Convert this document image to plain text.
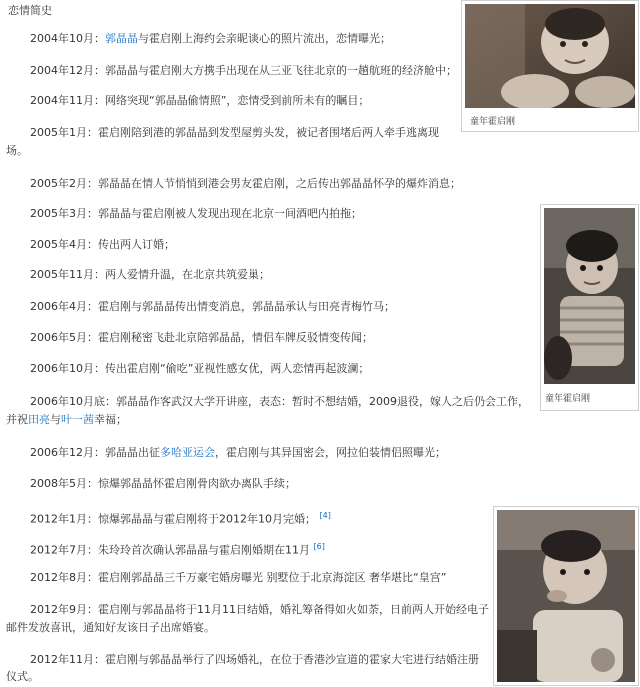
恋情简史
2004年10月：郭晶晶与霍启刚上海约会亲昵谈心的照片流出，恋情曝光；
2004年12月：郭晶晶与霍启刚大方携手出现在从三亚飞往北京的一趟航班的经济舱中；
2004年11月：网络突现“郭晶晶偷情照”，恋情受到前所未有的瞩目；
2005年1月：霍启刚陪到港的郭晶晶到发型屋剪头发，被记者围堵后两人牵手逃离现
场。
2005年2月：郭晶晶在情人节悄悄到港会男友霍启刚，之后传出郭晶晶怀孕的爆炸消息；
2005年3月：郭晶晶与霍启刚被人发现出现在北京一间酒吧内拍拖；
2005年4月：传出两人订婚；
2005年11月：两人爱情升温，在北京共筑爱巢；
2006年4月：霍启刚与郭晶晶传出情变消息，郭晶晶承认与田亮青梅竹马；
2006年5月：霍启刚秘密飞赴北京陪郭晶晶，情侣车牌反驳情变传闻；
2006年10月：传出霍启刚“偷吃”亚视性感女优，两人恋情再起波澜；
2006年10月底：郭晶晶作客武汉大学开讲座，表态：暂时不想结婚，2009退役，嫁人之后仍会工作，
并祝田亮与叶一茜幸福；
2006年12月：郭晶晶出征多哈亚运会，霍启刚与其异国密会，网拉伯装情侣照曝光；
2008年5月：惊爆郭晶晶怀霍启刚骨肉欲办离队手续；
2012年1月：惊爆郭晶晶与霍启刚将于2012年10月完婚； [4]
2012年7月：朱玲玲首次确认郭晶晶与霍启刚婚期在11月 [6]
2012年8月：霍启刚郭晶晶三千万豪宅婚房曝光 别墅位于北京海淀区 奢华堪比“皇宫”
2012年9月：霍启刚与郭晶晶将于11月11日结婚，婚礼筹备得如火如荼，日前两人开始经电子
邮件发放喜讯，通知好友该日子出席婚宴。
2012年11月：霍启刚与郭晶晶举行了四场婚礼，在位于香港沙宣道的霍家大宅进行结婚注册
仪式。
童年霍启刚
童年霍启刚
